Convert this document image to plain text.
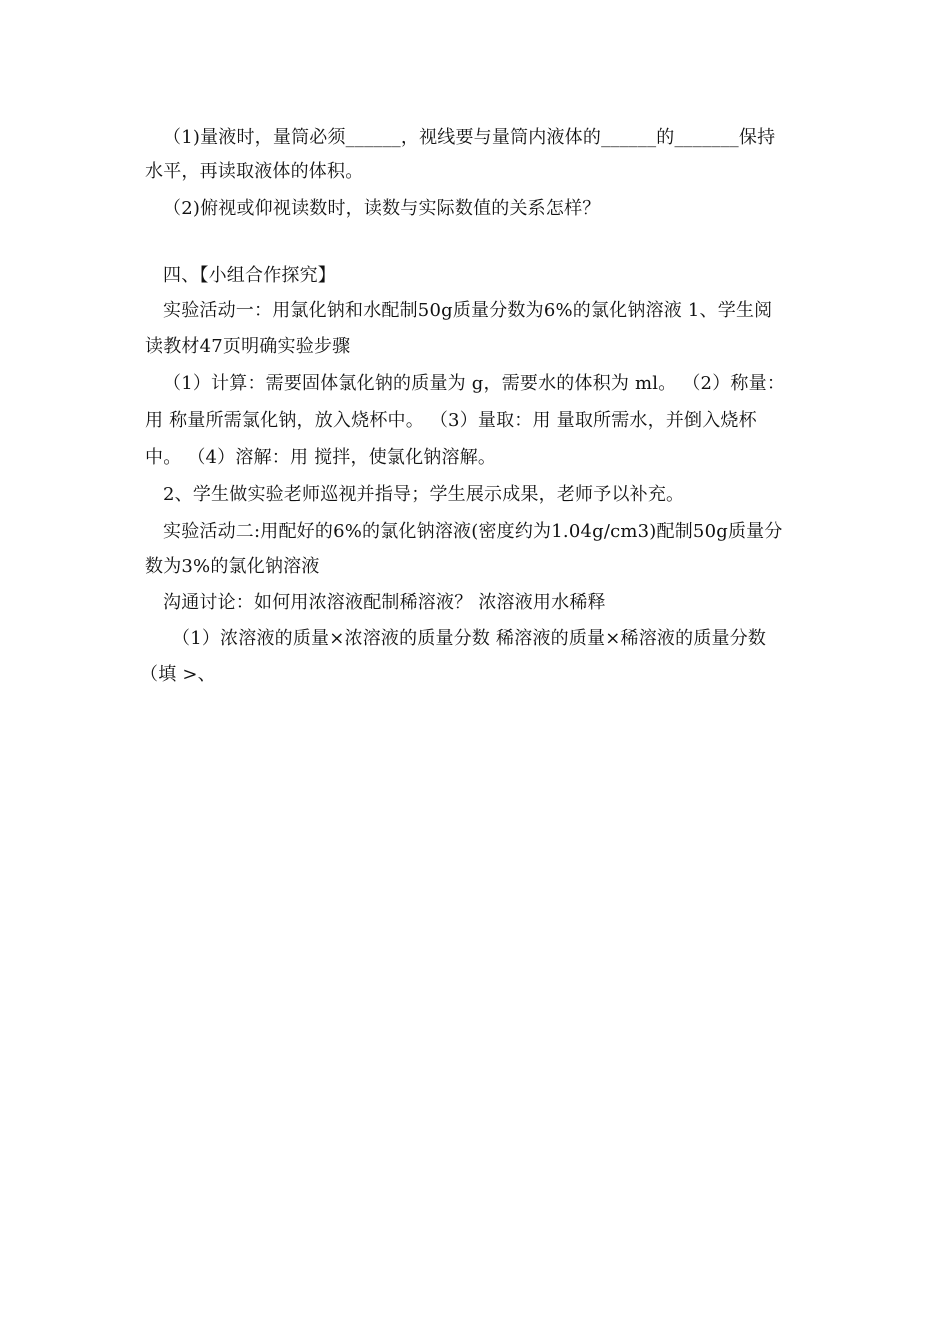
（1)量液时，量筒必须______，视线要与量筒内液体的______的_______保持
水平，再读取液体的体积。
（2)俯视或仰视读数时，读数与实际数值的关系怎样？
四、【小组合作探究】
实验活动一：用氯化钠和水配制50g质量分数为6%的氯化钠溶液 1、学生阅
读教材47页明确实验步骤
（1）计算：需要固体氯化钠的质量为 g，需要水的体积为 ml。 （2）称量：
用 称量所需氯化钠，放入烧杯中。 （3）量取：用 量取所需水，并倒入烧杯
中。 （4）溶解：用 搅拌，使氯化钠溶解。
2、学生做实验老师巡视并指导；学生展示成果，老师予以补充。
实验活动二:用配好的6%的氯化钠溶液(密度约为1.04g/cm3)配制50g质量分
数为3%的氯化钠溶液
沟通讨论：如何用浓溶液配制稀溶液？ 浓溶液用水稀释
（1）浓溶液的质量×浓溶液的质量分数 稀溶液的质量×稀溶液的质量分数
（填 >、
